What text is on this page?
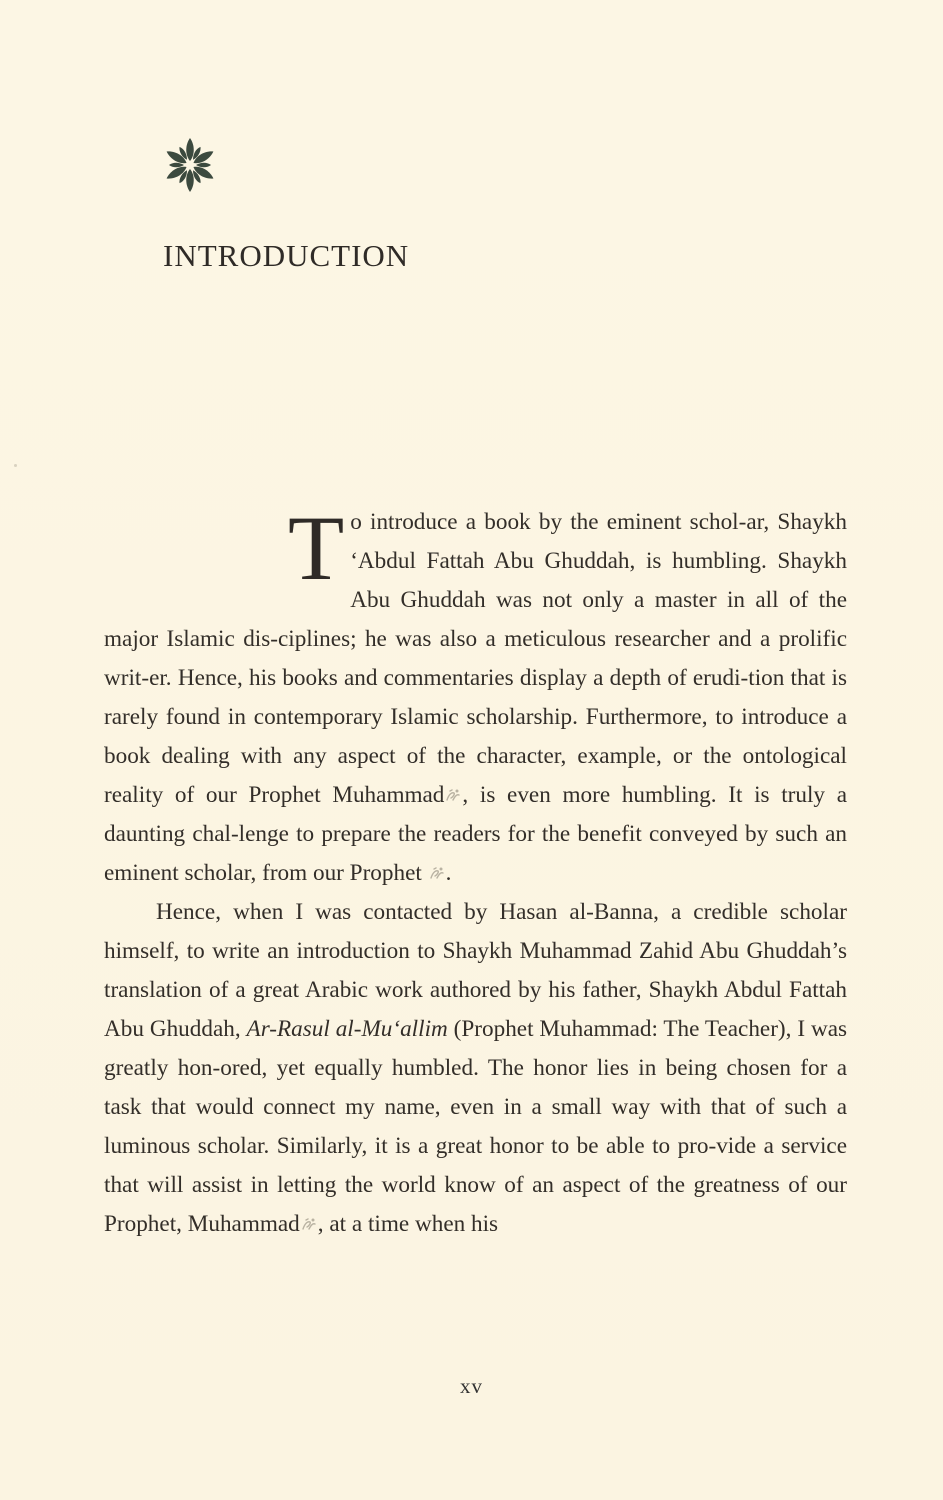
INTRODUCTION

To introduce a book by the eminent schol-ar, Shaykh ‘Abdul Fattah Abu Ghuddah, is humbling. Shaykh Abu Ghuddah was not only a master in all of the major Islamic dis-ciplines; he was also a meticulous researcher and a prolific writ-er. Hence, his books and commentaries display a depth of erudi-tion that is rarely found in contemporary Islamic scholarship. Furthermore, to introduce a book dealing with any aspect of the character, example, or the ontological reality of our Prophet Muhammad , is even more humbling. It is truly a daunting chal-lenge to prepare the readers for the benefit conveyed by such an eminent scholar, from our Prophet .

Hence, when I was contacted by Hasan al-Banna, a credible scholar himself, to write an introduction to Shaykh Muhammad Zahid Abu Ghuddah’s translation of a great Arabic work authored by his father, Shaykh Abdul Fattah Abu Ghuddah, Ar-Rasul al-Mu‘allim (Prophet Muhammad: The Teacher), I was greatly hon-ored, yet equally humbled. The honor lies in being chosen for a task that would connect my name, even in a small way with that of such a luminous scholar. Similarly, it is a great honor to be able to pro-vide a service that will assist in letting the world know of an aspect of the greatness of our Prophet, Muhammad , at a time when his

xv
